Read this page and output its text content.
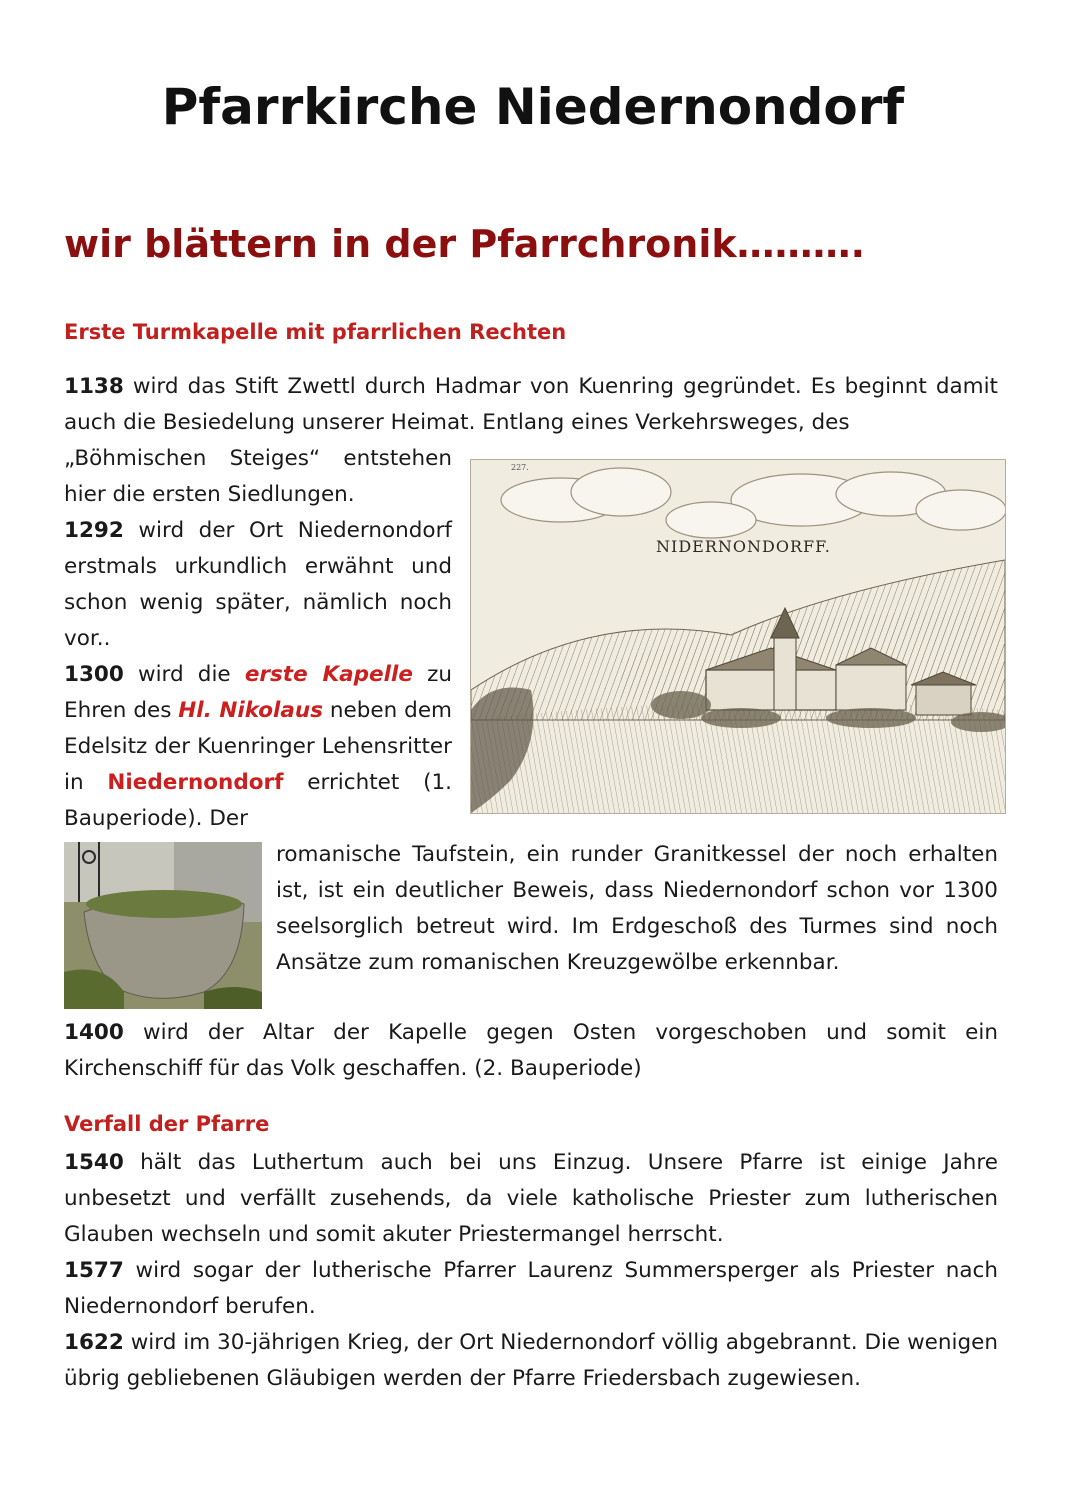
Pfarrkirche Niedernondorf
wir blättern in der Pfarrchronik……….
Erste Turmkapelle mit pfarrlichen Rechten
1138 wird das Stift Zwettl durch Hadmar von Kuenring gegründet. Es beginnt damit auch die Besiedelung unserer Heimat. Entlang eines Verkehrsweges, des
„Böhmischen Steiges“ entstehen hier die ersten Siedlungen.
1292 wird der Ort Niedernondorf erstmals urkundlich erwähnt und schon wenig später, nämlich noch vor..
1300 wird die erste Kapelle zu Ehren des Hl. Nikolaus neben dem Edelsitz der Kuenringer Lehensritter in Niedernondorf errichtet (1. Bauperiode). Der
NIDERNONDORFF.
227.
romanische Taufstein, ein runder Granitkessel der noch erhalten ist, ist ein deutlicher Beweis, dass Niedernondorf schon vor 1300 seelsorglich betreut wird. Im Erdgeschoß des Turmes sind noch Ansätze zum romanischen Kreuzgewölbe erkennbar.
1400 wird der Altar der Kapelle gegen Osten vorgeschoben und somit ein Kirchenschiff für das Volk geschaffen. (2. Bauperiode)
Verfall der Pfarre
1540 hält das Luthertum auch bei uns Einzug. Unsere Pfarre ist einige Jahre unbesetzt und verfällt zusehends, da viele katholische Priester zum lutherischen Glauben wechseln und somit akuter Priestermangel herrscht.
1577 wird sogar der lutherische Pfarrer Laurenz Summersperger als Priester nach Niedernondorf berufen.
1622 wird im 30-jährigen Krieg, der Ort Niedernondorf völlig abgebrannt. Die wenigen übrig gebliebenen Gläubigen werden der Pfarre Friedersbach zugewiesen.
